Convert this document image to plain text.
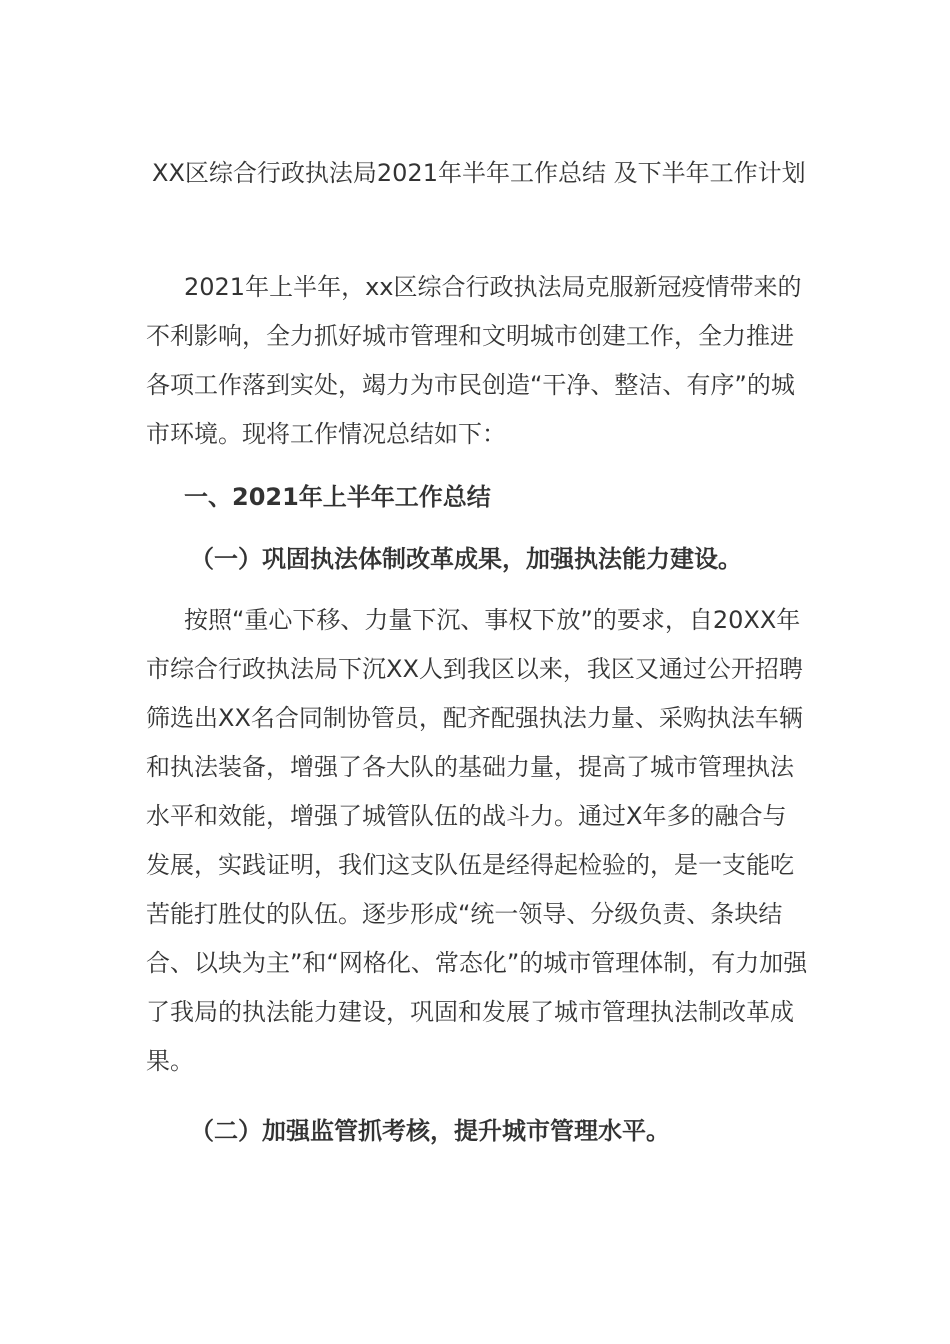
XX区综合行政执法局2021年半年工作总结 及下半年工作计划
2021年上半年，xx区综合行政执法局克服新冠疫情带来的不利影响，全力抓好城市管理和文明城市创建工作，全力推进各项工作落到实处，竭力为市民创造“干净、整洁、有序”的城市环境。现将工作情况总结如下：
一、2021年上半年工作总结
（一）巩固执法体制改革成果，加强执法能力建设。
按照“重心下移、力量下沉、事权下放”的要求，自20XX年市综合行政执法局下沉XX人到我区以来，我区又通过公开招聘筛选出XX名合同制协管员，配齐配强执法力量、采购执法车辆和执法装备，增强了各大队的基础力量，提高了城市管理执法水平和效能，增强了城管队伍的战斗力。通过X年多的融合与发展，实践证明，我们这支队伍是经得起检验的，是一支能吃苦能打胜仗的队伍。逐步形成“统一领导、分级负责、条块结合、以块为主”和“网格化、常态化”的城市管理体制，有力加强了我局的执法能力建设，巩固和发展了城市管理执法制改革成果。
（二）加强监管抓考核，提升城市管理水平。
